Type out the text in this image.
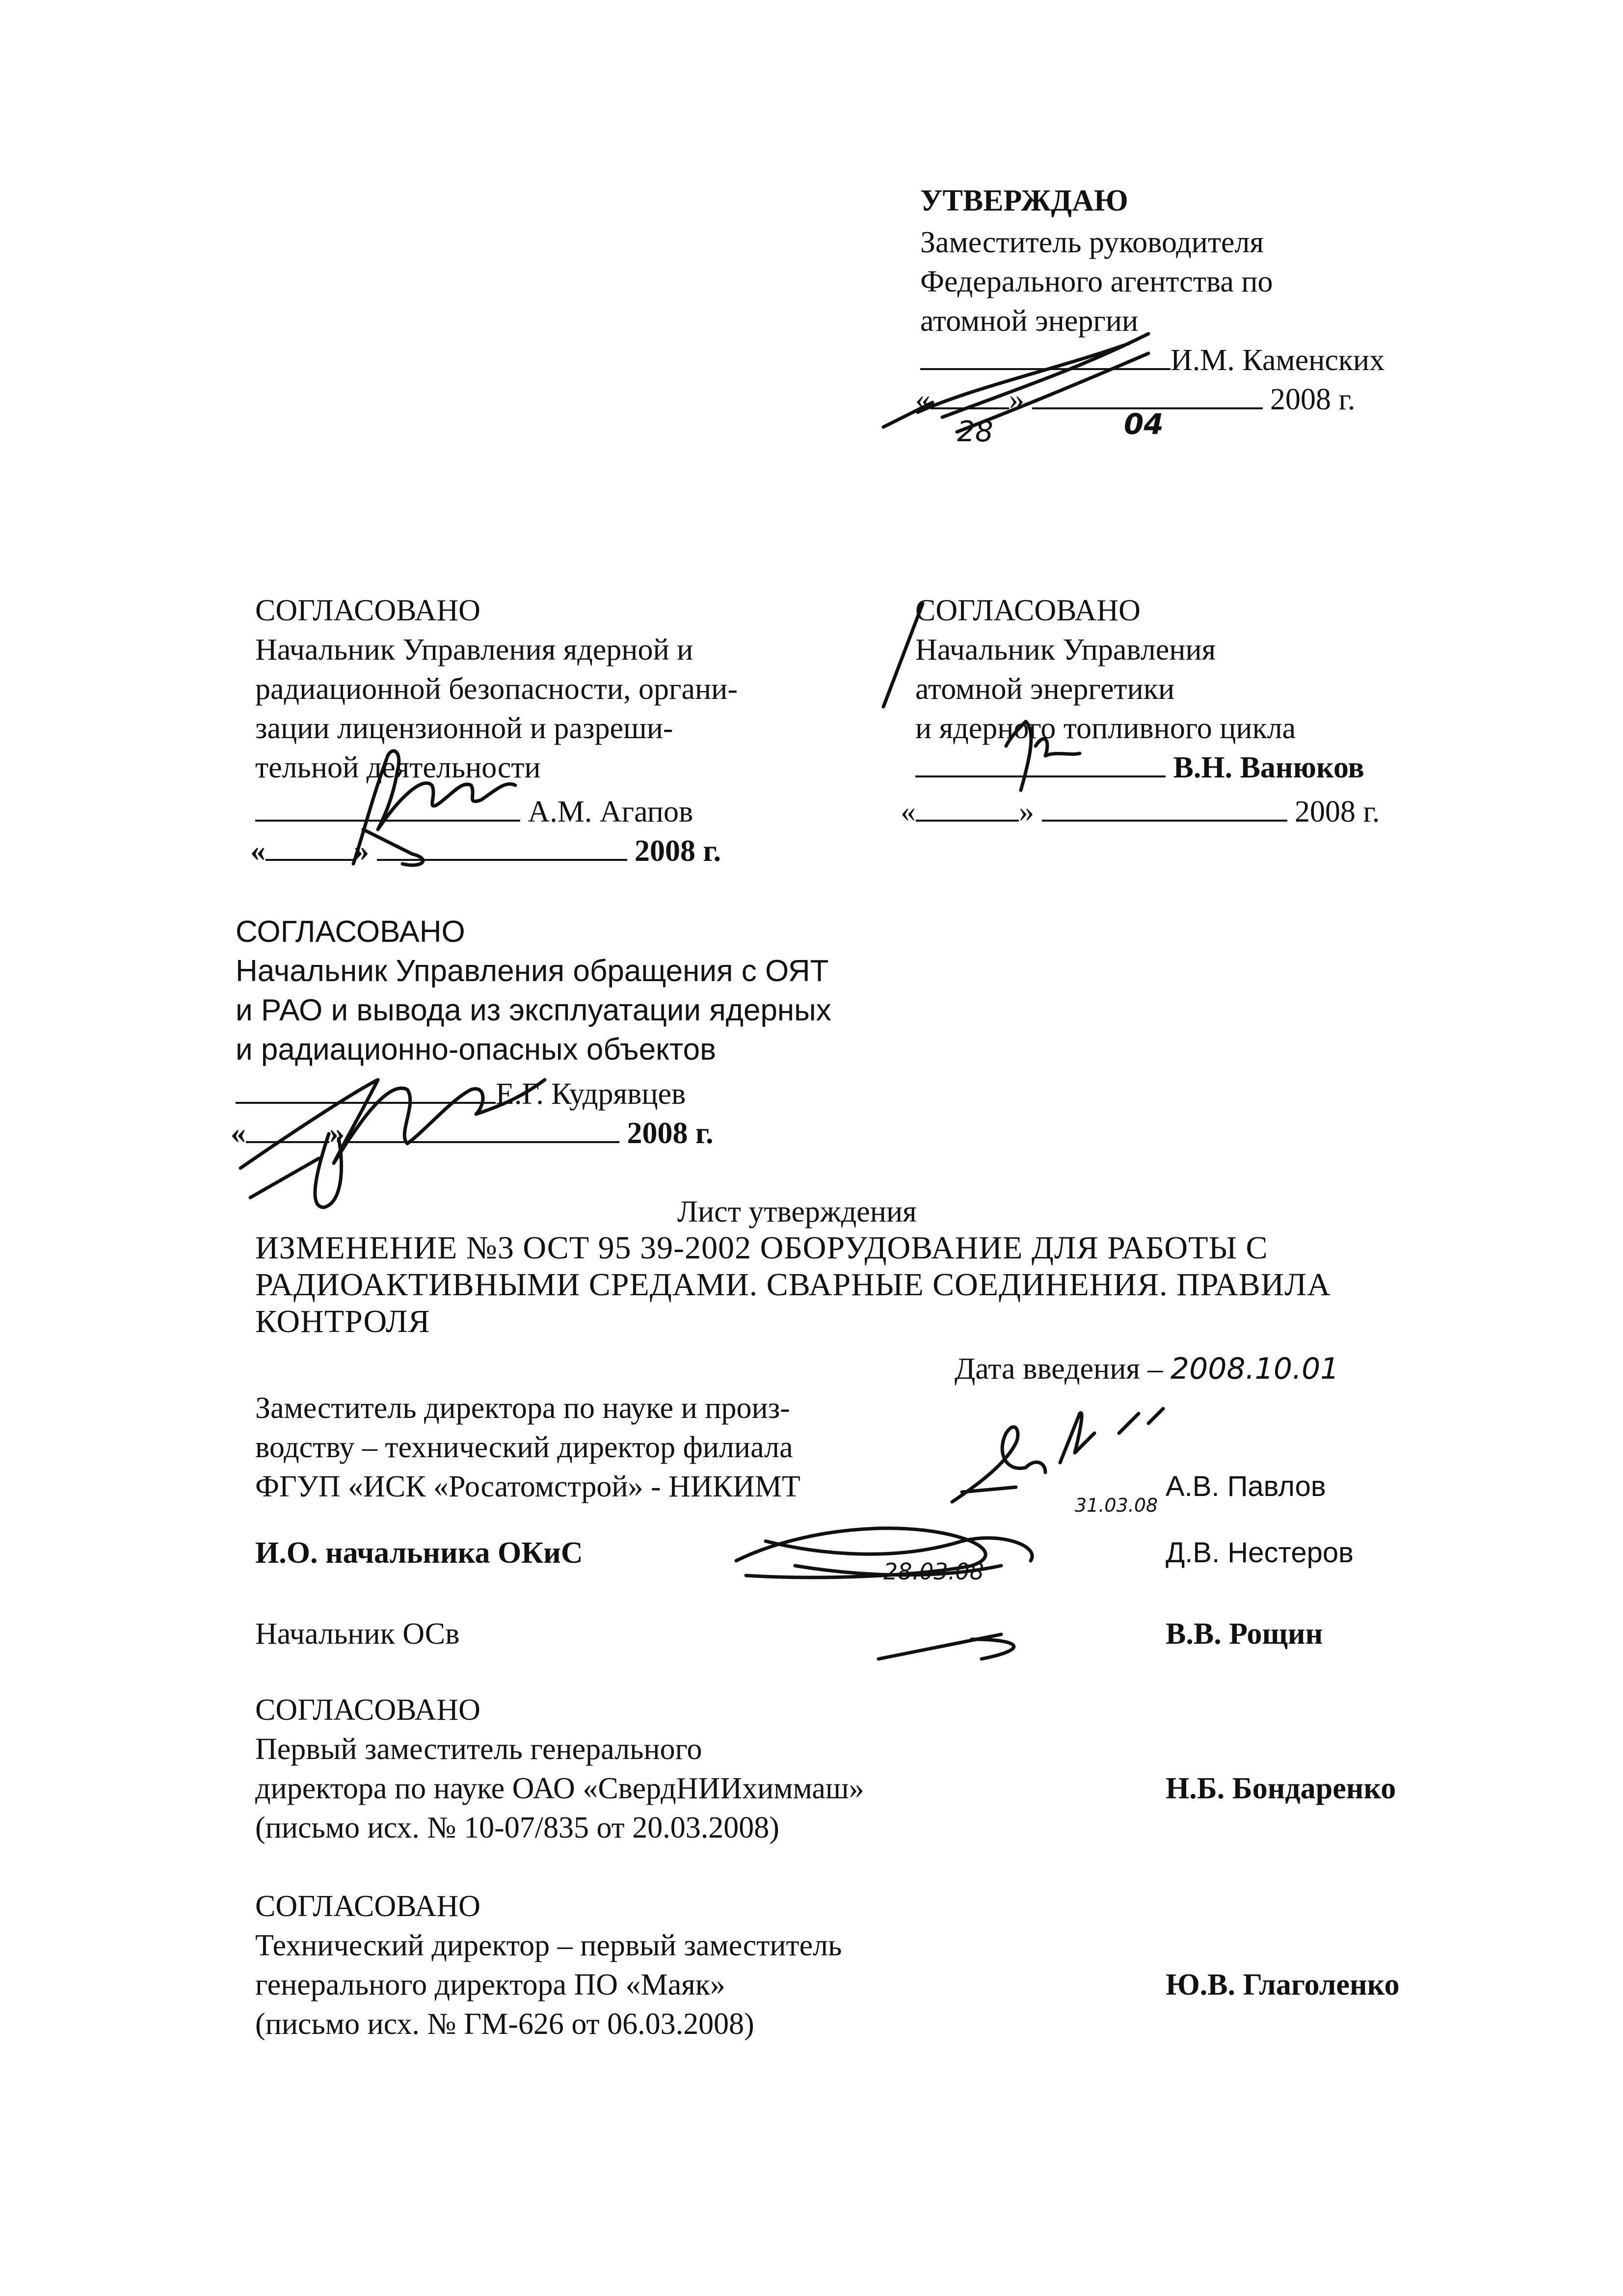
УТВЕРЖДАЮ
Заместитель руководителя
Федерального агентства по
атомной энергии
И.М. Каменских
«	»	2008 г.
28	04
СОГЛАСОВАНО
Начальник Управления ядерной и
радиационной безопасности, органи-
зации лицензионной и разреши-
тельной деятельности
А.М. Агапов
«	»	2008 г.
СОГЛАСОВАНО
Начальник Управления
атомной энергетики
и ядерного топливного цикла
В.Н. Ванюков
«	»	2008 г.
СОГЛАСОВАНО
Начальник Управления обращения с ОЯТ
и РАО и вывода из эксплуатации ядерных
и радиационно-опасных объектов
Е.Г. Кудрявцев
«	»	2008 г.
Лист утверждения
ИЗМЕНЕНИЕ №3 ОСТ 95 39-2002 ОБОРУДОВАНИЕ ДЛЯ РАБОТЫ С
РАДИОАКТИВНЫМИ СРЕДАМИ. СВАРНЫЕ СОЕДИНЕНИЯ. ПРАВИЛА
КОНТРОЛЯ
Дата введения – 2008.10.01
Заместитель директора по науке и произ-
водству – технический директор филиала
ФГУП «ИСК «Росатомстрой» - НИКИМТ	А.В. Павлов
31.03.08
И.О. начальника ОКиС	Д.В. Нестеров
28.03.08
Начальник ОСв	В.В. Рощин
СОГЛАСОВАНО
Первый заместитель генерального
директора по науке ОАО «СвердНИИхиммаш»
(письмо исх. № 10-07/835 от 20.03.2008)
Н.Б. Бондаренко
СОГЛАСОВАНО
Технический директор – первый заместитель
генерального директора ПО «Маяк»
(письмо исх. № ГМ-626 от 06.03.2008)
Ю.В. Глаголенко
